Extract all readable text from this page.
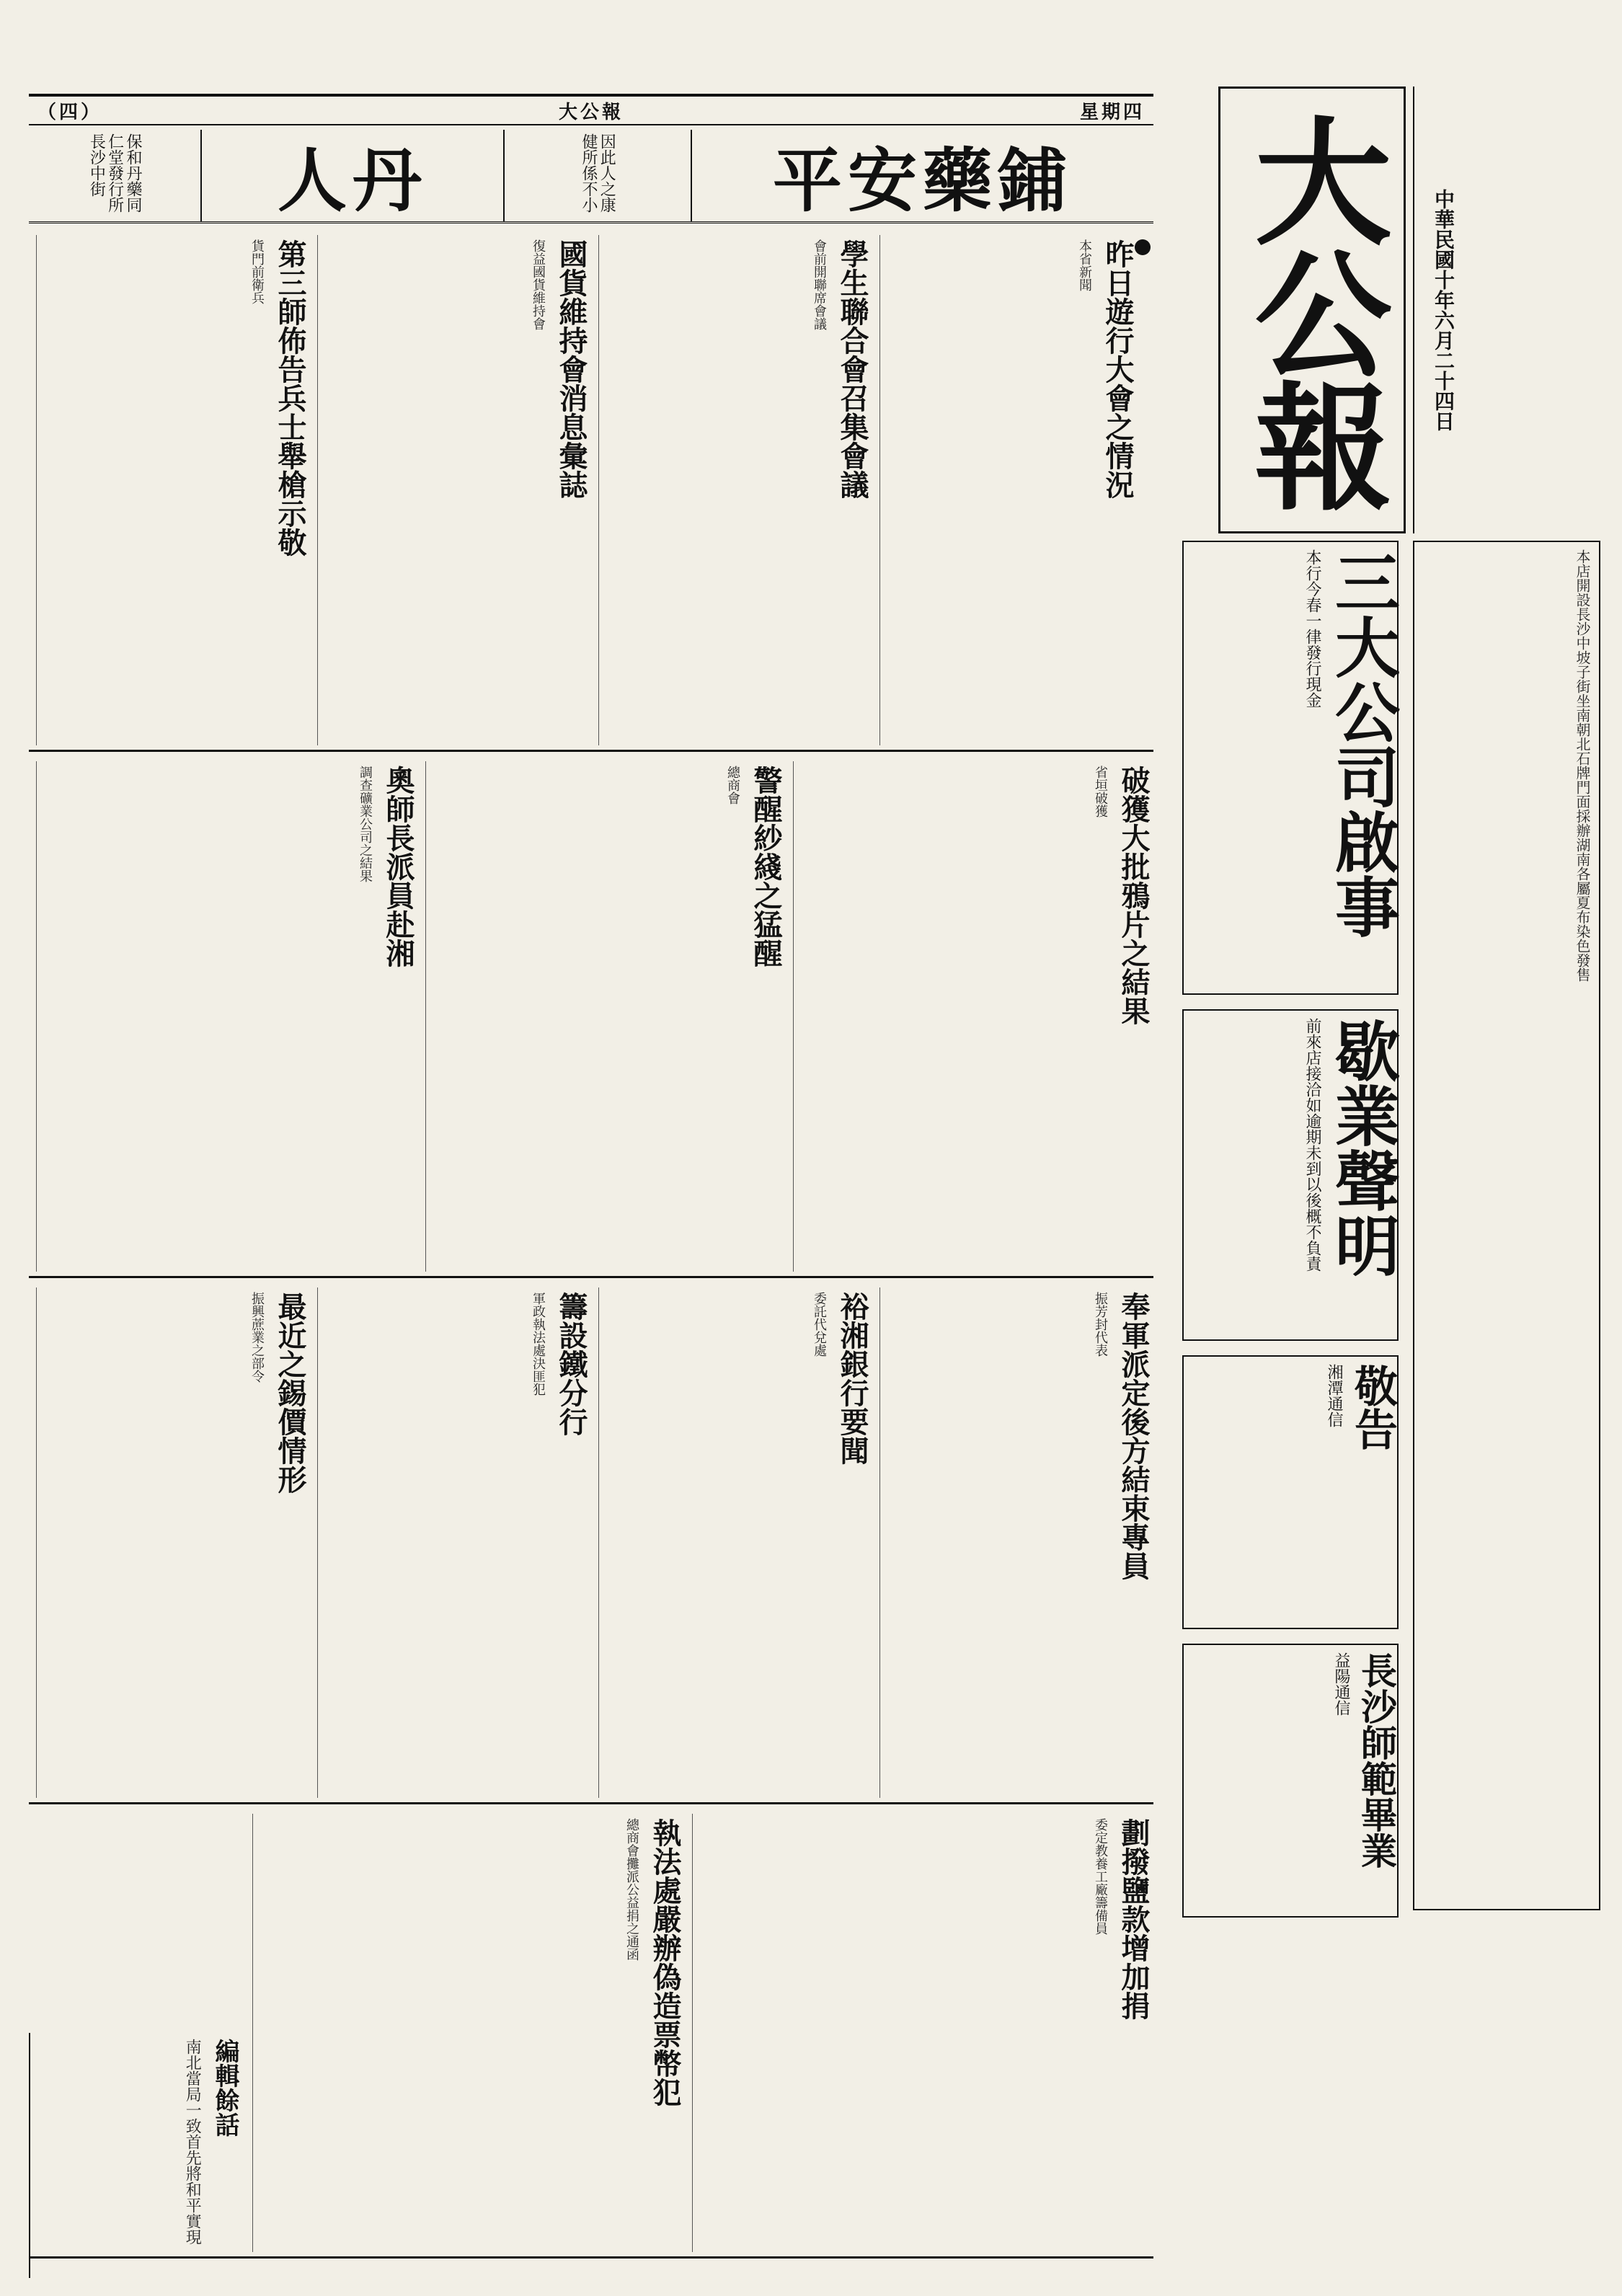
（四）	大公報	星期四 大公報	中華民國十年六月二十四日
保和丹藥同仁堂發行所長沙中街	人丹	因此人之康健所係不小	平安藥鋪
昨日遊行大會之情況
本省新聞
學生聯合會召集會議
會前開聯席會議
國貨維持會消息彙誌
復益國貨維持會
第三師佈告兵士舉槍示敬
貨門前衛兵
破獲大批鴉片之結果
省垣破獲
警醒紗綫之猛醒
總商會
奧師長派員赴湘
調查礦業公司之結果
奉軍派定後方結束專員
振芳封代表
裕湘銀行要聞
委託代兌處
籌設鐵分行
軍政執法處決匪犯
最近之錫價情形
振興蔗業之部令
劃撥鹽款增加捐
委定教養工廠籌備員
執法處嚴辦偽造票幣犯
總商會攤派公益捐之通函
三大公司啟事
本行今春一律發行現金
歇業聲明
前來店接洽如逾期未到以後概不負責
敬告
湘潭通信
長沙師範畢業
益陽通信
本店開設長沙中坡子街坐南朝北石牌門面採辦湖南各屬夏布染色發售
編輯餘話
南北當局一致首先將和平實現
